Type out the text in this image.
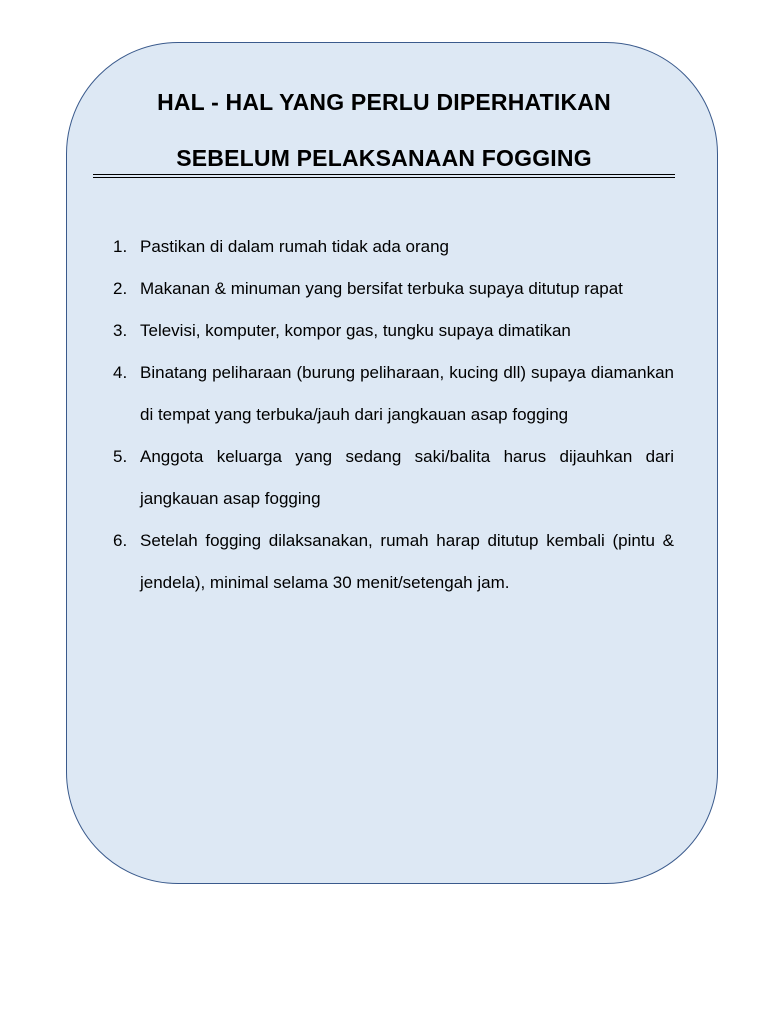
HAL - HAL YANG PERLU DIPERHATIKAN
SEBELUM PELAKSANAAN FOGGING
1. Pastikan di dalam rumah tidak ada orang
2. Makanan & minuman yang bersifat terbuka supaya ditutup rapat
3. Televisi, komputer, kompor gas, tungku supaya dimatikan
4. Binatang peliharaan (burung peliharaan, kucing dll) supaya diamankan di tempat yang terbuka/jauh dari jangkauan asap fogging
5. Anggota keluarga yang sedang saki/balita harus dijauhkan dari jangkauan asap fogging
6. Setelah fogging dilaksanakan, rumah harap ditutup kembali (pintu & jendela), minimal selama 30 menit/setengah jam.
